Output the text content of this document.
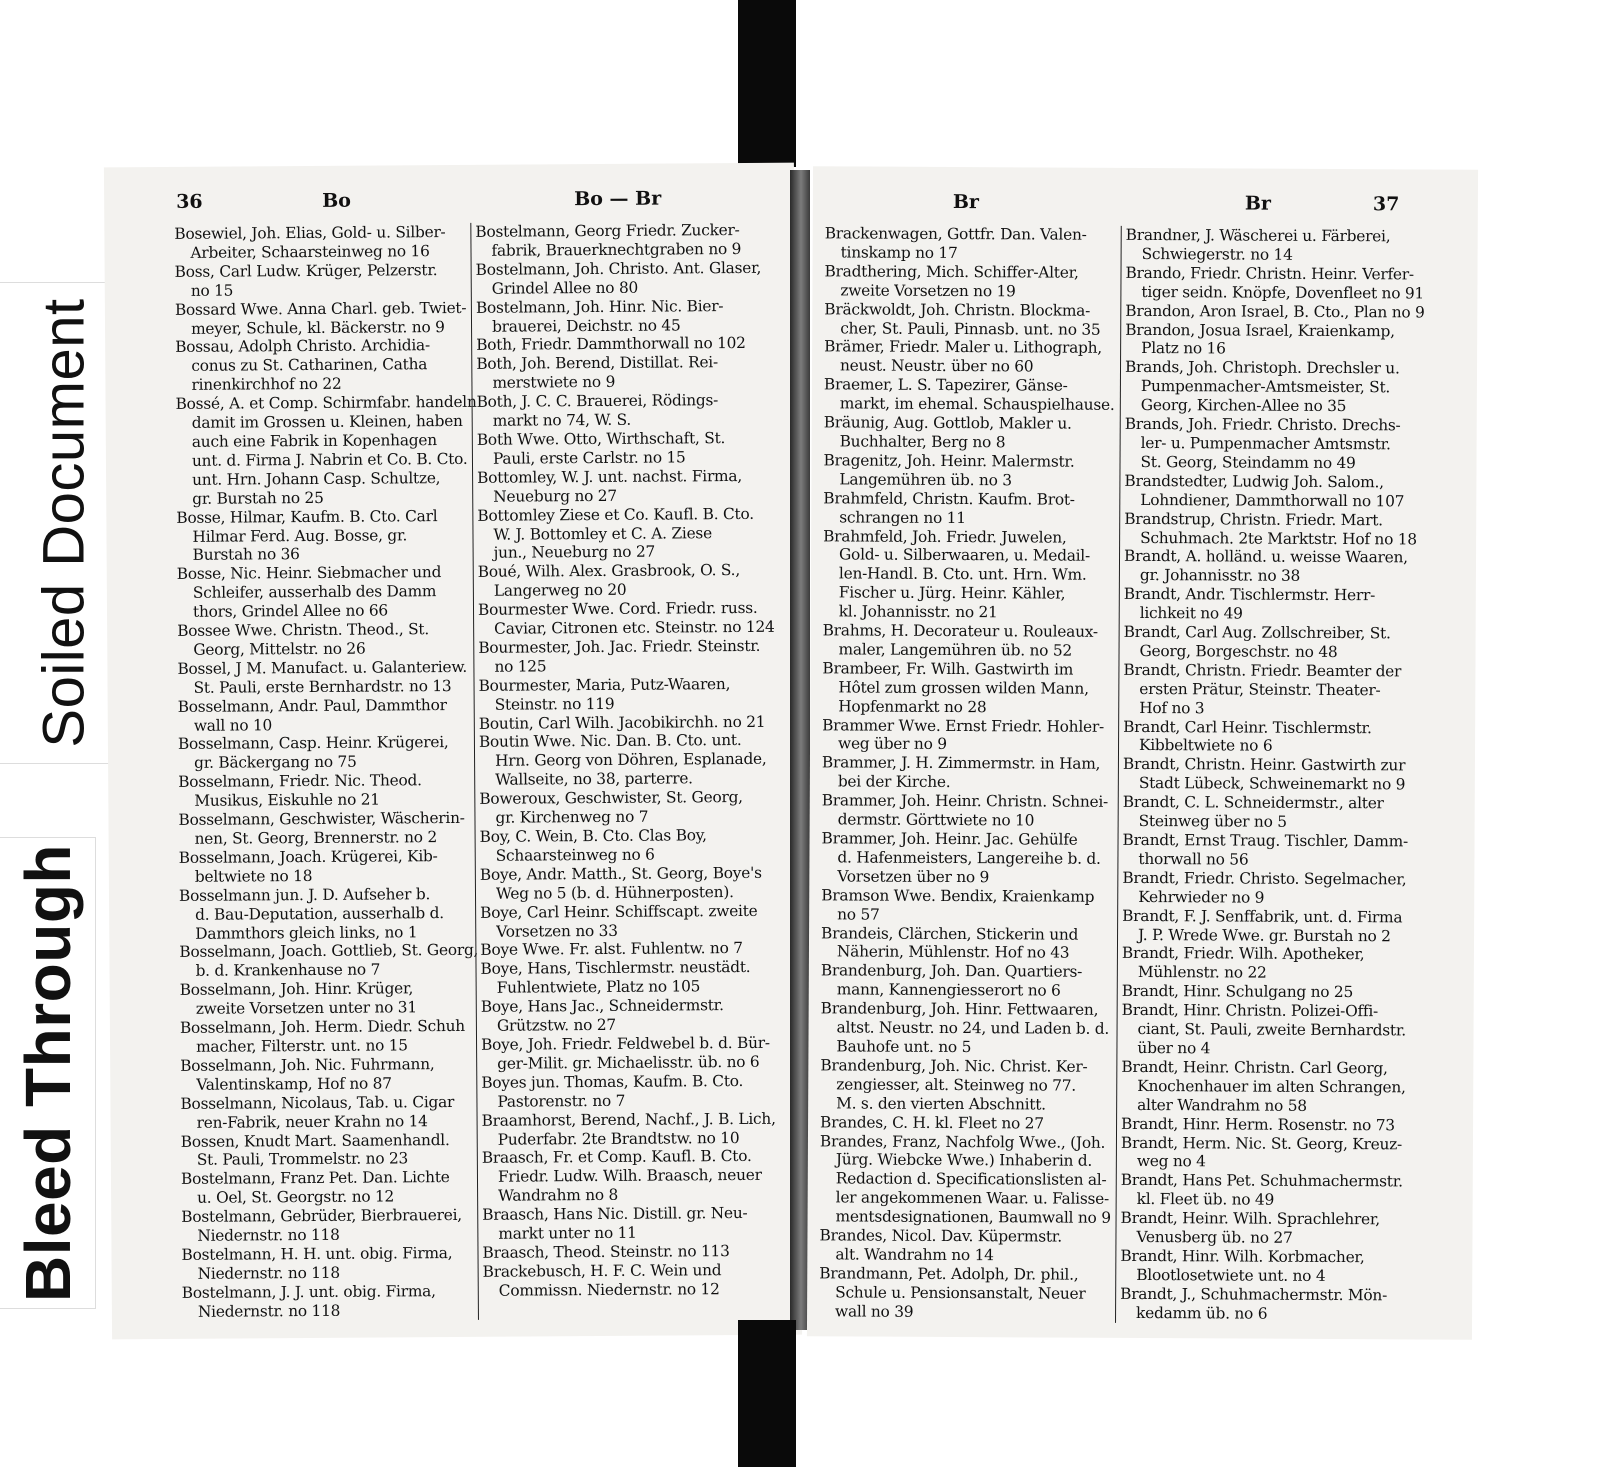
Soiled Document
Bleed Through
36	Bo	Bo — Br
Bosewiel, Joh. Elias, Gold- u. Silber-
Arbeiter, Schaarsteinweg no 16
Boss, Carl Ludw. Krüger, Pelzerstr.
no 15
Bossard Wwe. Anna Charl. geb. Twiet-
meyer, Schule, kl. Bäckerstr. no 9
Bossau, Adolph Christo. Archidia-
conus zu St. Catharinen, Catha
rinenkirchhof no 22
Bossé, A. et Comp. Schirmfabr. handeln
damit im Grossen u. Kleinen, haben
auch eine Fabrik in Kopenhagen
unt. d. Firma J. Nabrin et Co. B. Cto.
unt. Hrn. Johann Casp. Schultze,
gr. Burstah no 25
Bosse, Hilmar, Kaufm. B. Cto. Carl
Hilmar Ferd. Aug. Bosse, gr.
Burstah no 36
Bosse, Nic. Heinr. Siebmacher und
Schleifer, ausserhalb des Damm
thors, Grindel Allee no 66
Bossee Wwe. Christn. Theod., St.
Georg, Mittelstr. no 26
Bossel, J M. Manufact. u. Galanteriew.
St. Pauli, erste Bernhardstr. no 13
Bosselmann, Andr. Paul, Dammthor
wall no 10
Bosselmann, Casp. Heinr. Krügerei,
gr. Bäckergang no 75
Bosselmann, Friedr. Nic. Theod.
Musikus, Eiskuhle no 21
Bosselmann, Geschwister, Wäscherin-
nen, St. Georg, Brennerstr. no 2
Bosselmann, Joach. Krügerei, Kib-
beltwiete no 18
Bosselmann jun. J. D. Aufseher b.
d. Bau-Deputation, ausserhalb d.
Dammthors gleich links, no 1
Bosselmann, Joach. Gottlieb, St. Georg,
b. d. Krankenhause no 7
Bosselmann, Joh. Hinr. Krüger,
zweite Vorsetzen unter no 31
Bosselmann, Joh. Herm. Diedr. Schuh
macher, Filterstr. unt. no 15
Bosselmann, Joh. Nic. Fuhrmann,
Valentinskamp, Hof no 87
Bosselmann, Nicolaus, Tab. u. Cigar
ren-Fabrik, neuer Krahn no 14
Bossen, Knudt Mart. Saamenhandl.
St. Pauli, Trommelstr. no 23
Bostelmann, Franz Pet. Dan. Lichte
u. Oel, St. Georgstr. no 12
Bostelmann, Gebrüder, Bierbrauerei,
Niedernstr. no 118
Bostelmann, H. H. unt. obig. Firma,
Niedernstr. no 118
Bostelmann, J. J. unt. obig. Firma,
Niedernstr. no 118
Bostelmann, Georg Friedr. Zucker-
fabrik, Brauerknechtgraben no 9
Bostelmann, Joh. Christo. Ant. Glaser,
Grindel Allee no 80
Bostelmann, Joh. Hinr. Nic. Bier-
brauerei, Deichstr. no 45
Both, Friedr. Dammthorwall no 102
Both, Joh. Berend, Distillat. Rei-
merstwiete no 9
Both, J. C. C. Brauerei, Rödings-
markt no 74, W. S.
Both Wwe. Otto, Wirthschaft, St.
Pauli, erste Carlstr. no 15
Bottomley, W. J. unt. nachst. Firma,
Neueburg no 27
Bottomley Ziese et Co. Kaufl. B. Cto.
W. J. Bottomley et C. A. Ziese
jun., Neueburg no 27
Boué, Wilh. Alex. Grasbrook, O. S.,
Langerweg no 20
Bourmester Wwe. Cord. Friedr. russ.
Caviar, Citronen etc. Steinstr. no 124
Bourmester, Joh. Jac. Friedr. Steinstr.
no 125
Bourmester, Maria, Putz-Waaren,
Steinstr. no 119
Boutin, Carl Wilh. Jacobikirchh. no 21
Boutin Wwe. Nic. Dan. B. Cto. unt.
Hrn. Georg von Döhren, Esplanade,
Wallseite, no 38, parterre.
Boweroux, Geschwister, St. Georg,
gr. Kirchenweg no 7
Boy, C. Wein, B. Cto. Clas Boy,
Schaarsteinweg no 6
Boye, Andr. Matth., St. Georg, Boye's
Weg no 5 (b. d. Hühnerposten).
Boye, Carl Heinr. Schiffscapt. zweite
Vorsetzen no 33
Boye Wwe. Fr. alst. Fuhlentw. no 7
Boye, Hans, Tischlermstr. neustädt.
Fuhlentwiete, Platz no 105
Boye, Hans Jac., Schneidermstr.
Grützstw. no 27
Boye, Joh. Friedr. Feldwebel b. d. Bür-
ger-Milit. gr. Michaelisstr. üb. no 6
Boyes jun. Thomas, Kaufm. B. Cto.
Pastorenstr. no 7
Braamhorst, Berend, Nachf., J. B. Lich,
Puderfabr. 2te Brandtstw. no 10
Braasch, Fr. et Comp. Kaufl. B. Cto.
Friedr. Ludw. Wilh. Braasch, neuer
Wandrahm no 8
Braasch, Hans Nic. Distill. gr. Neu-
markt unter no 11
Braasch, Theod. Steinstr. no 113
Brackebusch, H. F. C. Wein und
Commissn. Niedernstr. no 12
Br	Br	37
Brackenwagen, Gottfr. Dan. Valen-
tinskamp no 17
Bradthering, Mich. Schiffer-Alter,
zweite Vorsetzen no 19
Bräckwoldt, Joh. Christn. Blockma-
cher, St. Pauli, Pinnasb. unt. no 35
Brämer, Friedr. Maler u. Lithograph,
neust. Neustr. über no 60
Braemer, L. S. Tapezirer, Gänse-
markt, im ehemal. Schauspielhause.
Bräunig, Aug. Gottlob, Makler u.
Buchhalter, Berg no 8
Bragenitz, Joh. Heinr. Malermstr.
Langemühren üb. no 3
Brahmfeld, Christn. Kaufm. Brot-
schrangen no 11
Brahmfeld, Joh. Friedr. Juwelen,
Gold- u. Silberwaaren, u. Medail-
len-Handl. B. Cto. unt. Hrn. Wm.
Fischer u. Jürg. Heinr. Kähler,
kl. Johannisstr. no 21
Brahms, H. Decorateur u. Rouleaux-
maler, Langemühren üb. no 52
Brambeer, Fr. Wilh. Gastwirth im
Hôtel zum grossen wilden Mann,
Hopfenmarkt no 28
Brammer Wwe. Ernst Friedr. Hohler-
weg über no 9
Brammer, J. H. Zimmermstr. in Ham,
bei der Kirche.
Brammer, Joh. Heinr. Christn. Schnei-
dermstr. Görttwiete no 10
Brammer, Joh. Heinr. Jac. Gehülfe
d. Hafenmeisters, Langereihe b. d.
Vorsetzen über no 9
Bramson Wwe. Bendix, Kraienkamp
no 57
Brandeis, Clärchen, Stickerin und
Näherin, Mühlenstr. Hof no 43
Brandenburg, Joh. Dan. Quartiers-
mann, Kannengiesserort no 6
Brandenburg, Joh. Hinr. Fettwaaren,
altst. Neustr. no 24, und Laden b. d.
Bauhofe unt. no 5
Brandenburg, Joh. Nic. Christ. Ker-
zengiesser, alt. Steinweg no 77.
M. s. den vierten Abschnitt.
Brandes, C. H. kl. Fleet no 27
Brandes, Franz, Nachfolg Wwe., (Joh.
Jürg. Wiebcke Wwe.) Inhaberin d.
Redaction d. Specificationslisten al-
ler angekommenen Waar. u. Falisse-
mentsdesignationen, Baumwall no 9
Brandes, Nicol. Dav. Küpermstr.
alt. Wandrahm no 14
Brandmann, Pet. Adolph, Dr. phil.,
Schule u. Pensionsanstalt, Neuer
wall no 39
Brandner, J. Wäscherei u. Färberei,
Schwiegerstr. no 14
Brando, Friedr. Christn. Heinr. Verfer-
tiger seidn. Knöpfe, Dovenfleet no 91
Brandon, Aron Israel, B. Cto., Plan no 9
Brandon, Josua Israel, Kraienkamp,
Platz no 16
Brands, Joh. Christoph. Drechsler u.
Pumpenmacher-Amtsmeister, St.
Georg, Kirchen-Allee no 35
Brands, Joh. Friedr. Christo. Drechs-
ler- u. Pumpenmacher Amtsmstr.
St. Georg, Steindamm no 49
Brandstedter, Ludwig Joh. Salom.,
Lohndiener, Dammthorwall no 107
Brandstrup, Christn. Friedr. Mart.
Schuhmach. 2te Marktstr. Hof no 18
Brandt, A. holländ. u. weisse Waaren,
gr. Johannisstr. no 38
Brandt, Andr. Tischlermstr. Herr-
lichkeit no 49
Brandt, Carl Aug. Zollschreiber, St.
Georg, Borgeschstr. no 48
Brandt, Christn. Friedr. Beamter der
ersten Prätur, Steinstr. Theater-
Hof no 3
Brandt, Carl Heinr. Tischlermstr.
Kibbeltwiete no 6
Brandt, Christn. Heinr. Gastwirth zur
Stadt Lübeck, Schweinemarkt no 9
Brandt, C. L. Schneidermstr., alter
Steinweg über no 5
Brandt, Ernst Traug. Tischler, Damm-
thorwall no 56
Brandt, Friedr. Christo. Segelmacher,
Kehrwieder no 9
Brandt, F. J. Senffabrik, unt. d. Firma
J. P. Wrede Wwe. gr. Burstah no 2
Brandt, Friedr. Wilh. Apotheker,
Mühlenstr. no 22
Brandt, Hinr. Schulgang no 25
Brandt, Hinr. Christn. Polizei-Offi-
ciant, St. Pauli, zweite Bernhardstr.
über no 4
Brandt, Heinr. Christn. Carl Georg,
Knochenhauer im alten Schrangen,
alter Wandrahm no 58
Brandt, Hinr. Herm. Rosenstr. no 73
Brandt, Herm. Nic. St. Georg, Kreuz-
weg no 4
Brandt, Hans Pet. Schuhmachermstr.
kl. Fleet üb. no 49
Brandt, Heinr. Wilh. Sprachlehrer,
Venusberg üb. no 27
Brandt, Hinr. Wilh. Korbmacher,
Blootlosetwiete unt. no 4
Brandt, J., Schuhmachermstr. Mön-
kedamm üb. no 6
